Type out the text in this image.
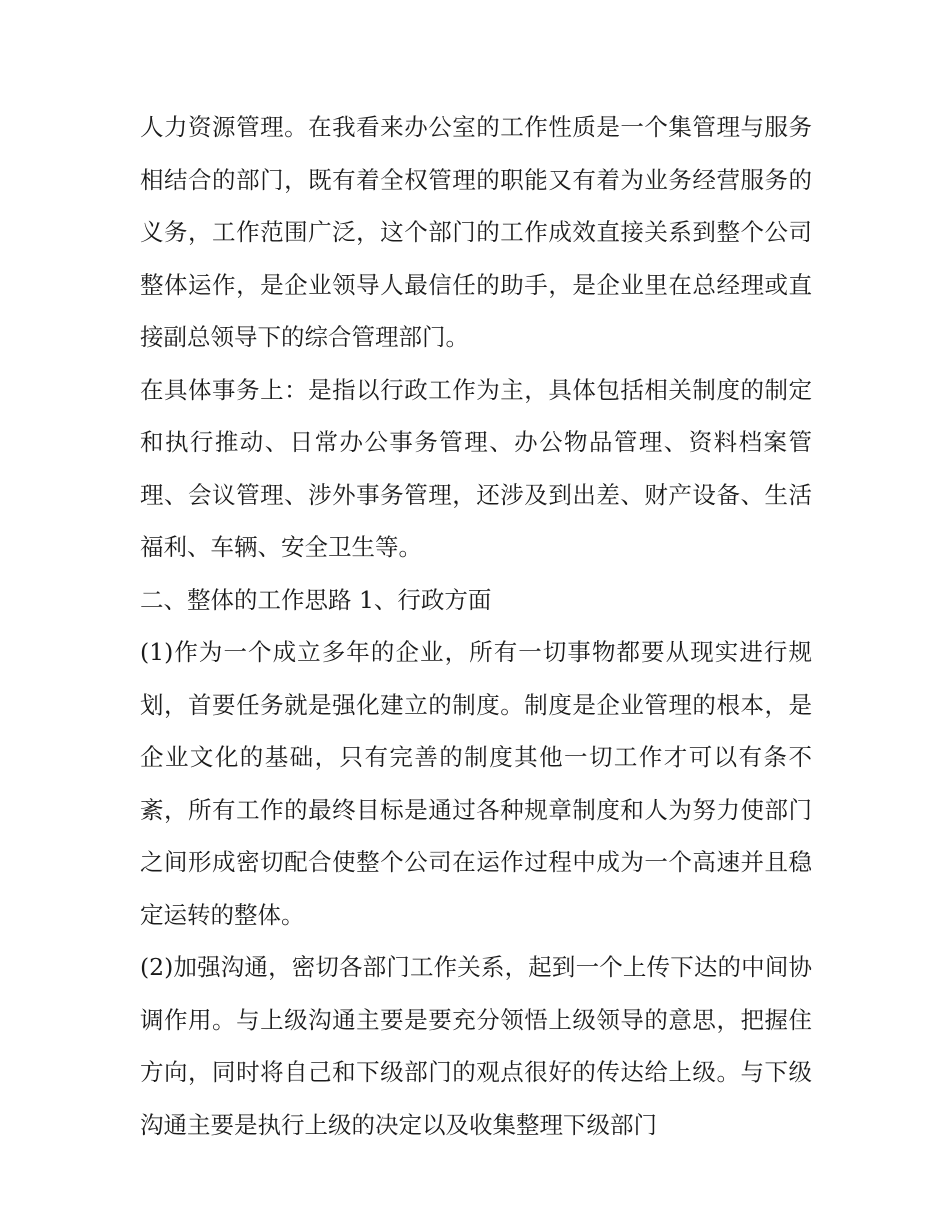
人力资源管理。在我看来办公室的工作性质是一个集管理与服务相结合的部门，既有着全权管理的职能又有着为业务经营服务的义务，工作范围广泛，这个部门的工作成效直接关系到整个公司整体运作，是企业领导人最信任的助手，是企业里在总经理或直接副总领导下的综合管理部门。

在具体事务上：是指以行政工作为主，具体包括相关制度的制定和执行推动、日常办公事务管理、办公物品管理、资料档案管理、会议管理、涉外事务管理，还涉及到出差、财产设备、生活福利、车辆、安全卫生等。

二、整体的工作思路 1、行政方面

(1)作为一个成立多年的企业，所有一切事物都要从现实进行规划，首要任务就是强化建立的制度。制度是企业管理的根本，是企业文化的基础，只有完善的制度其他一切工作才可以有条不紊，所有工作的最终目标是通过各种规章制度和人为努力使部门之间形成密切配合使整个公司在运作过程中成为一个高速并且稳定运转的整体。

(2)加强沟通，密切各部门工作关系，起到一个上传下达的中间协调作用。与上级沟通主要是要充分领悟上级领导的意思，把握住方向，同时将自己和下级部门的观点很好的传达给上级。与下级沟通主要是执行上级的决定以及收集整理下级部门
